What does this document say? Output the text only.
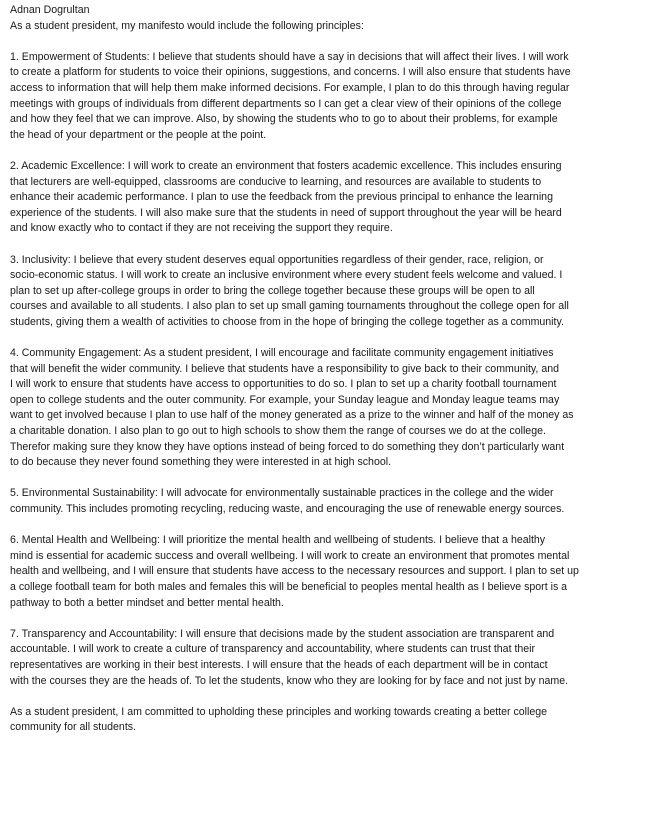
Adnan Dogrultan

As a student president, my manifesto would include the following principles:

1. Empowerment of Students: I believe that students should have a say in decisions that will affect their lives. I will work

to create a platform for students to voice their opinions, suggestions, and concerns. I will also ensure that students have

access to information that will help them make informed decisions. For example, I plan to do this through having regular

meetings with groups of individuals from different departments so I can get a clear view of their opinions of the college

and how they feel that we can improve. Also, by showing the students who to go to about their problems, for example

the head of your department or the people at the point.

2. Academic Excellence: I will work to create an environment that fosters academic excellence. This includes ensuring

that lecturers are well-equipped, classrooms are conducive to learning, and resources are available to students to

enhance their academic performance. I plan to use the feedback from the previous principal to enhance the learning

experience of the students. I will also make sure that the students in need of support throughout the year will be heard

and know exactly who to contact if they are not receiving the support they require.

3. Inclusivity: I believe that every student deserves equal opportunities regardless of their gender, race, religion, or

socio-economic status. I will work to create an inclusive environment where every student feels welcome and valued. I

plan to set up after-college groups in order to bring the college together because these groups will be open to all

courses and available to all students. I also plan to set up small gaming tournaments throughout the college open for all

students, giving them a wealth of activities to choose from in the hope of bringing the college together as a community.

4. Community Engagement: As a student president, I will encourage and facilitate community engagement initiatives

that will benefit the wider community. I believe that students have a responsibility to give back to their community, and

I will work to ensure that students have access to opportunities to do so. I plan to set up a charity football tournament

open to college students and the outer community. For example, your Sunday league and Monday league teams may

want to get involved because I plan to use half of the money generated as a prize to the winner and half of the money as

a charitable donation. I also plan to go out to high schools to show them the range of courses we do at the college.

Therefor making sure they know they have options instead of being forced to do something they don’t particularly want

to do because they never found something they were interested in at high school.

5. Environmental Sustainability: I will advocate for environmentally sustainable practices in the college and the wider

community. This includes promoting recycling, reducing waste, and encouraging the use of renewable energy sources.

6. Mental Health and Wellbeing: I will prioritize the mental health and wellbeing of students. I believe that a healthy

mind is essential for academic success and overall wellbeing. I will work to create an environment that promotes mental

health and wellbeing, and I will ensure that students have access to the necessary resources and support. I plan to set up

a college football team for both males and females this will be beneficial to peoples mental health as I believe sport is a

pathway to both a better mindset and better mental health.

7. Transparency and Accountability: I will ensure that decisions made by the student association are transparent and

accountable. I will work to create a culture of transparency and accountability, where students can trust that their

representatives are working in their best interests. I will ensure that the heads of each department will be in contact

with the courses they are the heads of. To let the students, know who they are looking for by face and not just by name.

As a student president, I am committed to upholding these principles and working towards creating a better college

community for all students.
